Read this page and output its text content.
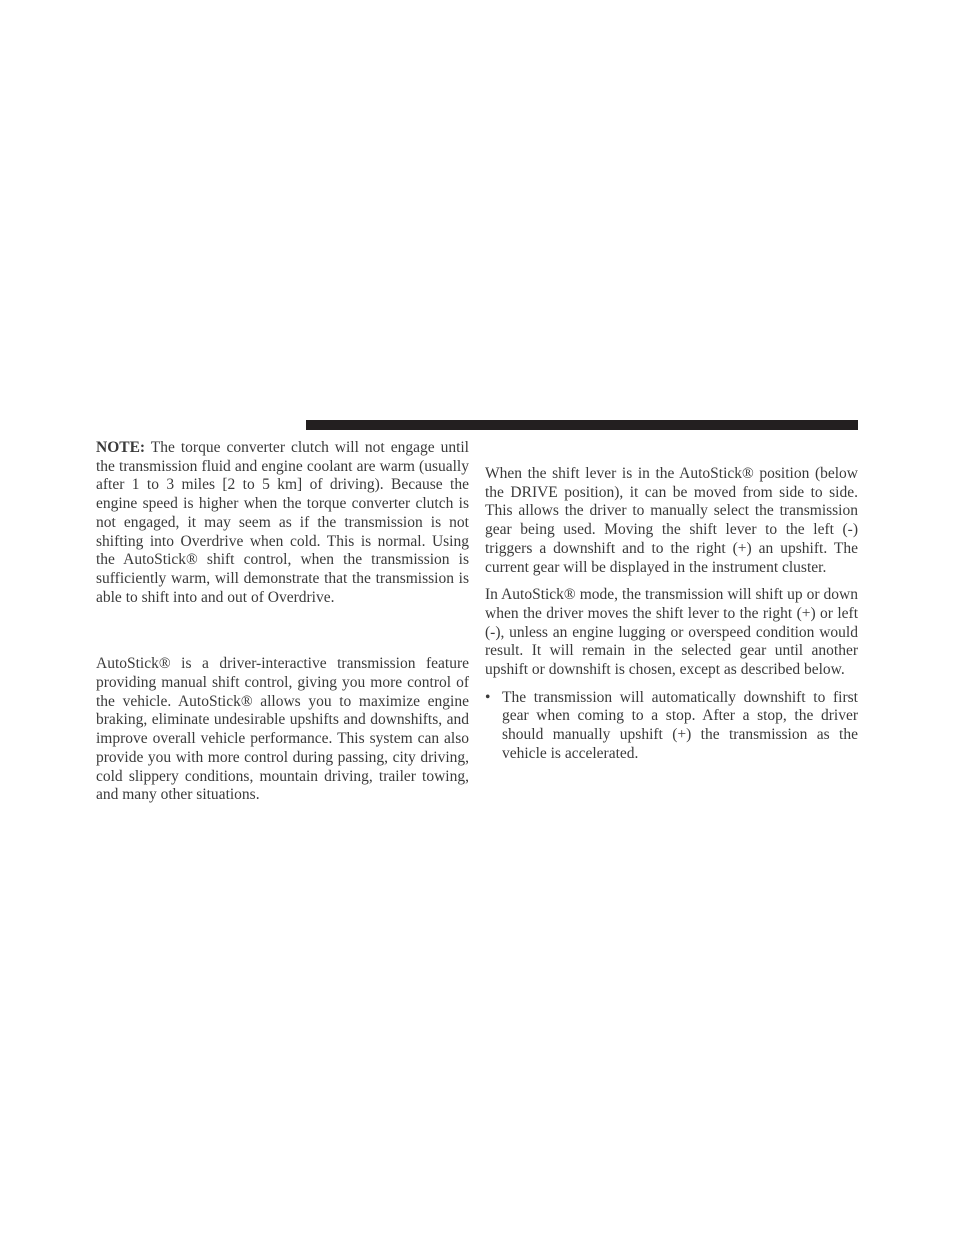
NOTE: The torque converter clutch will not engage until the transmission fluid and engine coolant are warm (usually after 1 to 3 miles [2 to 5 km] of driving). Because the engine speed is higher when the torque converter clutch is not engaged, it may seem as if the transmission is not shifting into Overdrive when cold. This is normal. Using the AutoStick® shift control, when the transmission is sufficiently warm, will demonstrate that the transmission is able to shift into and out of Overdrive.

AutoStick® is a driver-interactive transmission feature providing manual shift control, giving you more control of the vehicle. AutoStick® allows you to maximize engine braking, eliminate undesirable upshifts and downshifts, and improve overall vehicle performance. This system can also provide you with more control during passing, city driving, cold slippery conditions, mountain driving, trailer towing, and many other situations.

When the shift lever is in the AutoStick® position (below the DRIVE position), it can be moved from side to side. This allows the driver to manually select the transmission gear being used. Moving the shift lever to the left (-) triggers a downshift and to the right (+) an upshift. The current gear will be displayed in the instrument cluster.

In AutoStick® mode, the transmission will shift up or down when the driver moves the shift lever to the right (+) or left (-), unless an engine lugging or overspeed condition would result. It will remain in the selected gear until another upshift or downshift is chosen, except as described below.

• The transmission will automatically downshift to first gear when coming to a stop. After a stop, the driver should manually upshift (+) the transmission as the vehicle is accelerated.
